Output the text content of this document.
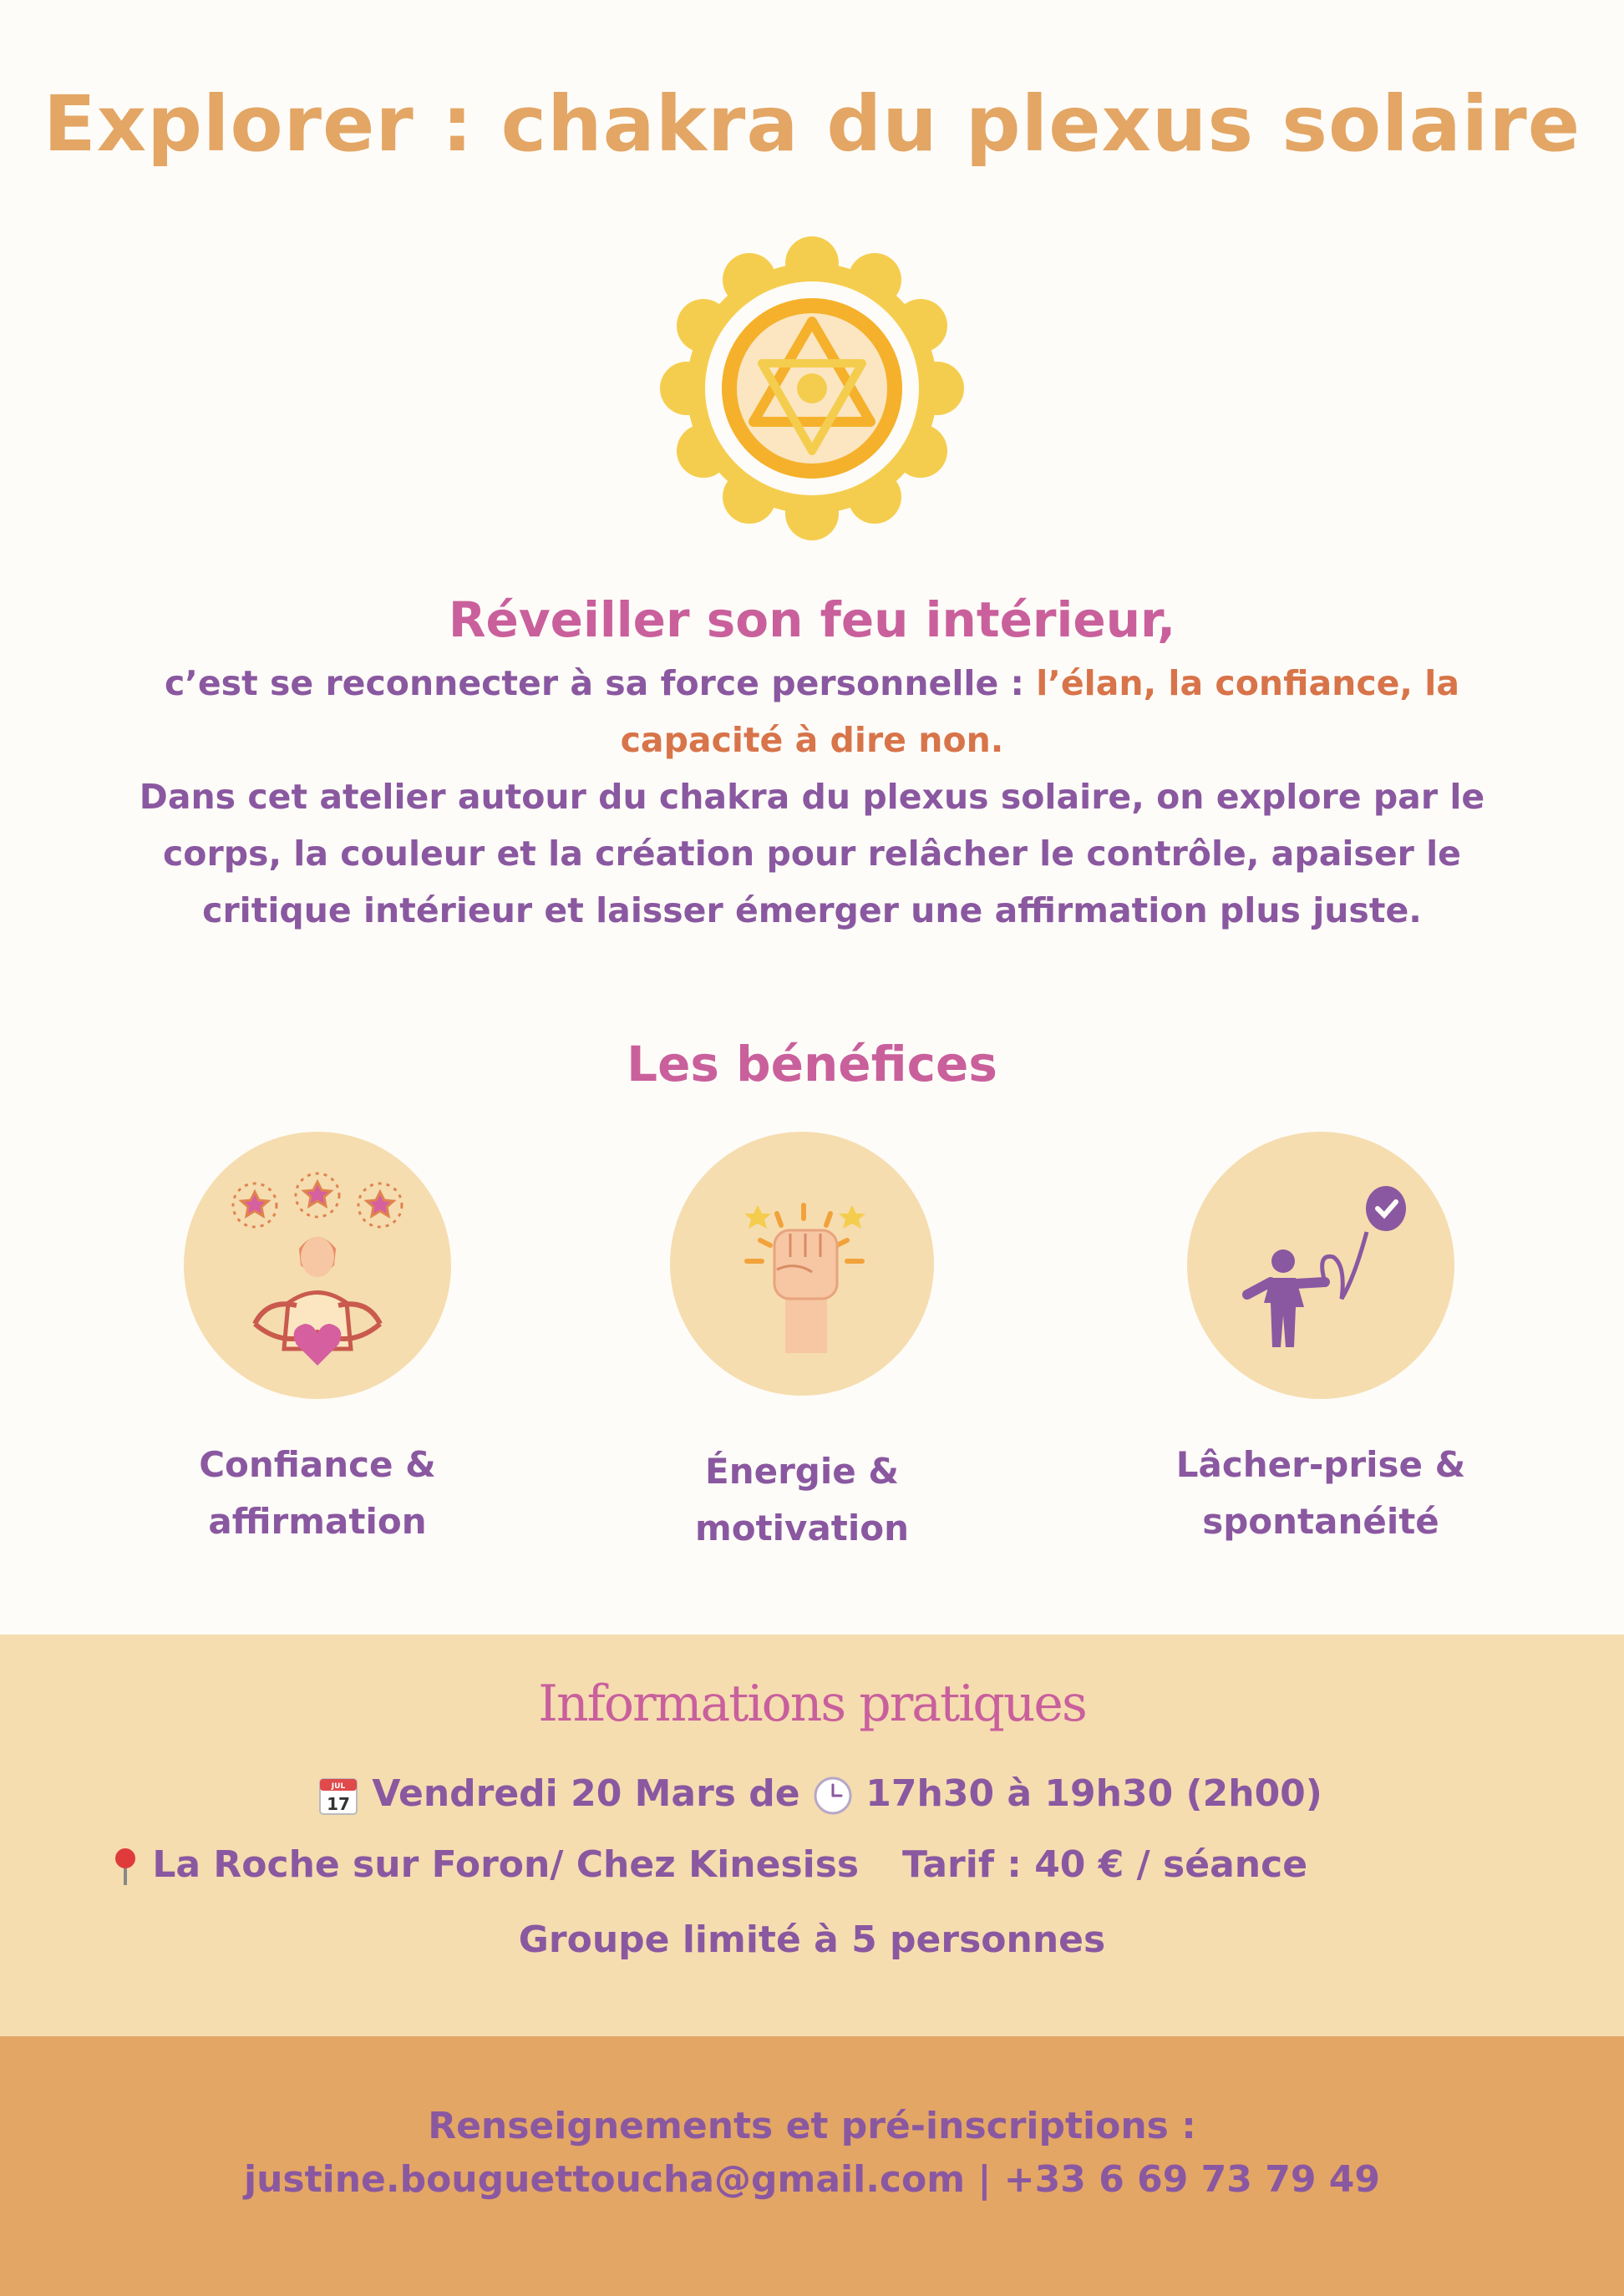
Explorer : chakra du plexus solaire
Réveiller son feu intérieur,

c’est se reconnecter à sa force personnelle : l’élan, la confiance, la capacité à dire non.
Dans cet atelier autour du chakra du plexus solaire, on explore par le corps, la couleur et la création pour relâcher le contrôle, apaiser le critique intérieur et laisser émerger une affirmation plus juste.

Les bénéfices
Confiance &
affirmation
Énergie &
motivation
Lâcher-prise &
spontanéité
Informations pratiques
JUL
17 Vendredi 20 Mars de  17h30 à 19h30 (2h00)
La Roche sur Foron/ Chez Kinesiss Tarif : 40 € / séance
Groupe limité à 5 personnes
Renseignements et pré-inscriptions :
justine.bouguettoucha@gmail.com | +33 6 69 73 79 49
